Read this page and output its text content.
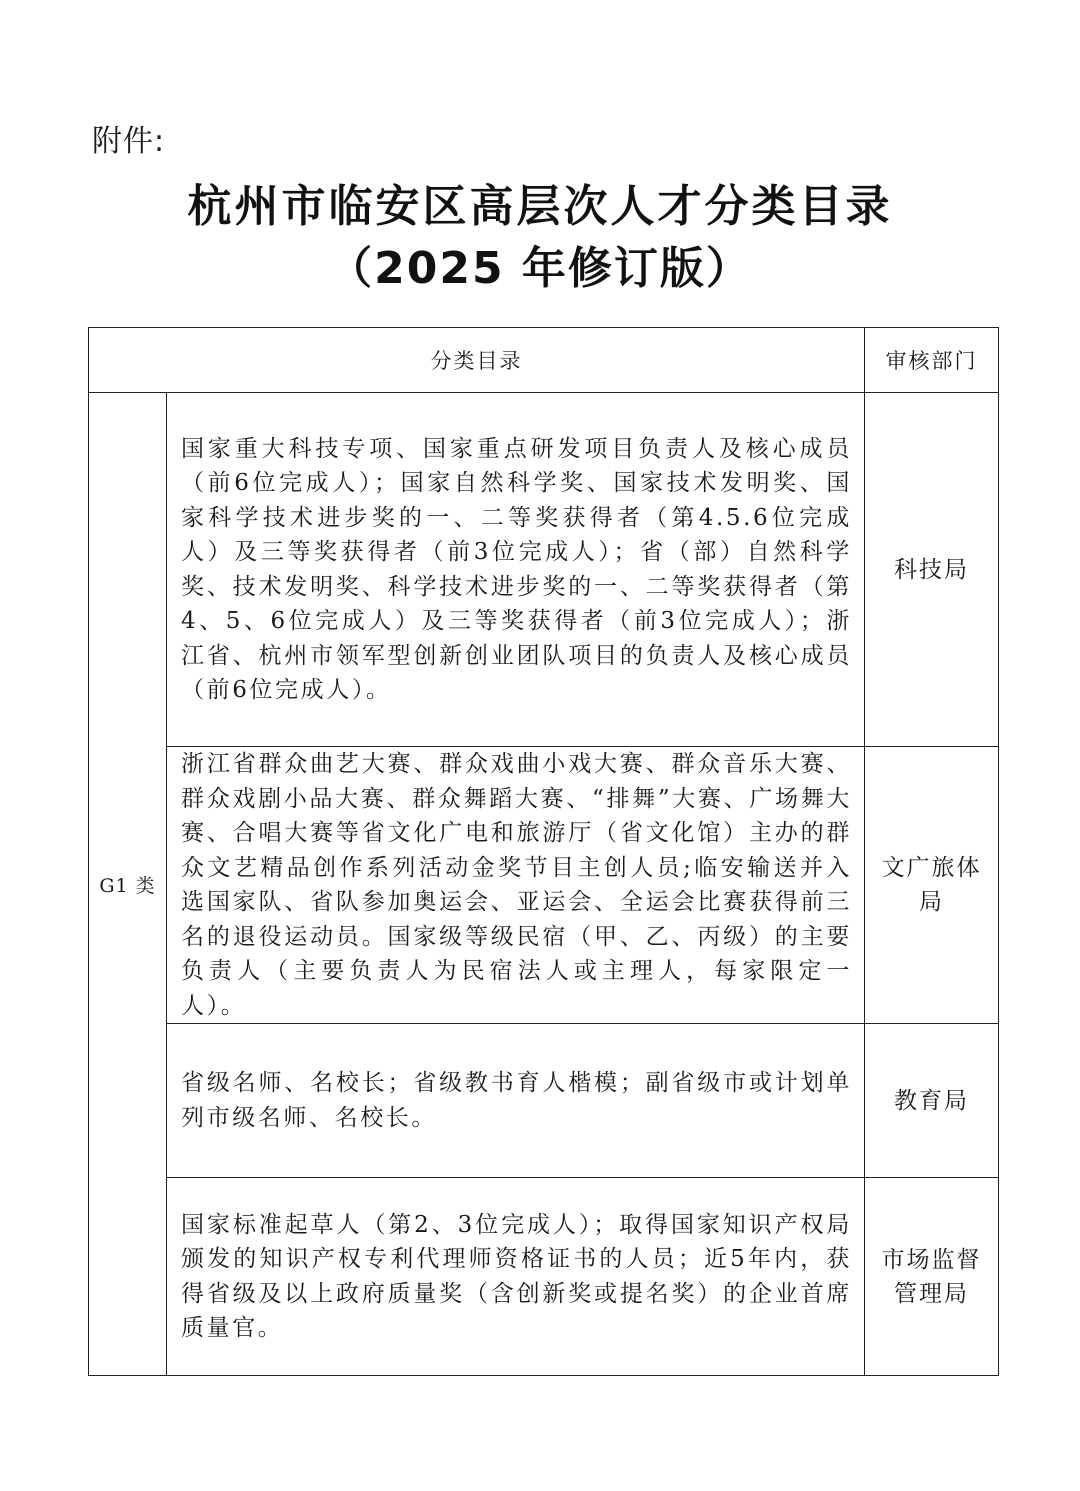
附件:
杭州市临安区高层次人才分类目录
（2025 年修订版）
分类目录		审核部门
G1 类	国家重大科技专项、国家重点研发项目负责人及核心成员（前6位完成人）；国家自然科学奖、国家技术发明奖、国家科学技术进步奖的一、二等奖获得者（第4.5.6位完成人）及三等奖获得者（前3位完成人）；省（部）自然科学奖、技术发明奖、科学技术进步奖的一、二等奖获得者（第4、5、6位完成人）及三等奖获得者（前3位完成人）；浙江省、杭州市领军型创新创业团队项目的负责人及核心成员（前6位完成人）。	科技局
	浙江省群众曲艺大赛、群众戏曲小戏大赛、群众音乐大赛、群众戏剧小品大赛、群众舞蹈大赛、“排舞”大赛、广场舞大赛、合唱大赛等省文化广电和旅游厅（省文化馆）主办的群众文艺精品创作系列活动金奖节目主创人员;临安输送并入选国家队、省队参加奥运会、亚运会、全运会比赛获得前三名的退役运动员。国家级等级民宿（甲、乙、丙级）的主要负责人（主要负责人为民宿法人或主理人，每家限定一人）。	文广旅体局
	省级名师、名校长；省级教书育人楷模；副省级市或计划单列市级名师、名校长。	教育局
	国家标准起草人（第2、3位完成人）；取得国家知识产权局颁发的知识产权专利代理师资格证书的人员；近5年内，获得省级及以上政府质量奖（含创新奖或提名奖）的企业首席质量官。	市场监督管理局
